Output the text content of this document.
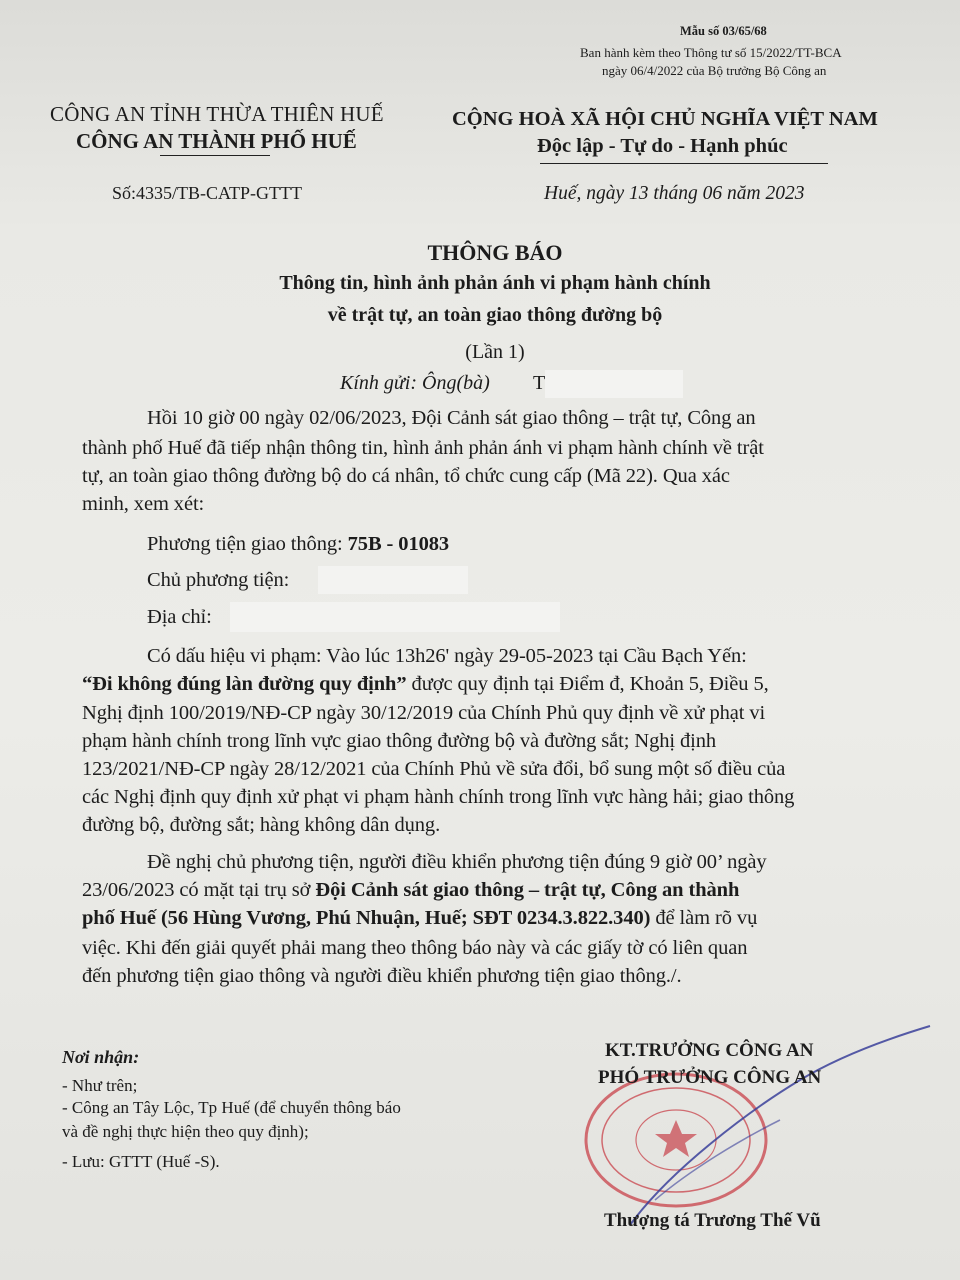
Mẫu số 03/65/68
Ban hành kèm theo Thông tư số 15/2022/TT-BCA
ngày 06/4/2022 của Bộ trưởng Bộ Công an
CÔNG AN TỈNH THỪA THIÊN HUẾ
CÔNG AN THÀNH PHỐ HUẾ
Số:4335/TB-CATP-GTTT
CỘNG HOÀ XÃ HỘI CHỦ NGHĨA VIỆT NAM
Độc lập - Tự do - Hạnh phúc
Huế, ngày 13 tháng 06 năm 2023
THÔNG BÁO
Thông tin, hình ảnh phản ánh vi phạm hành chính
về trật tự, an toàn giao thông đường bộ
(Lần 1)
Kính gửi: Ông(bà) T
Hồi 10 giờ 00 ngày 02/06/2023, Đội Cảnh sát giao thông – trật tự, Công an
thành phố Huế đã tiếp nhận thông tin, hình ảnh phản ánh vi phạm hành chính về trật
tự, an toàn giao thông đường bộ do cá nhân, tổ chức cung cấp (Mã 22). Qua xác
minh, xem xét:
Phương tiện giao thông: 75B - 01083
Chủ phương tiện:
Địa chỉ:
Có dấu hiệu vi phạm: Vào lúc 13h26' ngày 29-05-2023 tại Cầu Bạch Yến:
“Đi không đúng làn đường quy định” được quy định tại Điểm đ, Khoản 5, Điều 5,
Nghị định 100/2019/NĐ-CP ngày 30/12/2019 của Chính Phủ quy định về xử phạt vi
phạm hành chính trong lĩnh vực giao thông đường bộ và đường sắt; Nghị định
123/2021/NĐ-CP ngày 28/12/2021 của Chính Phủ về sửa đổi, bổ sung một số điều của
các Nghị định quy định xử phạt vi phạm hành chính trong lĩnh vực hàng hải; giao thông
đường bộ, đường sắt; hàng không dân dụng.
Đề nghị chủ phương tiện, người điều khiển phương tiện đúng 9 giờ 00’ ngày
23/06/2023 có mặt tại trụ sở Đội Cảnh sát giao thông – trật tự, Công an thành
phố Huế (56 Hùng Vương, Phú Nhuận, Huế; SĐT 0234.3.822.340) để làm rõ vụ
việc. Khi đến giải quyết phải mang theo thông báo này và các giấy tờ có liên quan
đến phương tiện giao thông và người điều khiển phương tiện giao thông./.
Nơi nhận:
- Như trên;
- Công an Tây Lộc, Tp Huế (để chuyển thông báo
và đề nghị thực hiện theo quy định);
- Lưu: GTTT (Huế -S).
KT.TRƯỞNG CÔNG AN
PHÓ TRƯỞNG CÔNG AN
Thượng tá Trương Thế Vũ
